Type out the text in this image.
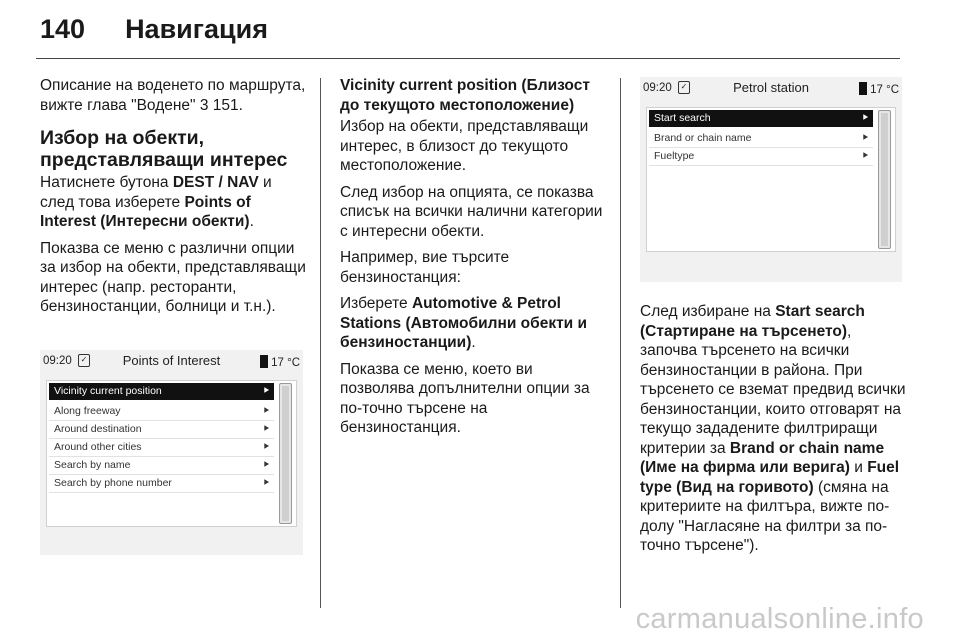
140 Навигация

Описание на воденето по маршрута, вижте глава "Водене" 3 151.

Избор на обекти, представляващи интерес

Натиснете бутона DEST / NAV и след това изберете Points of Interest (Интересни обекти).

Показва се меню с различни опции за избор на обекти, представляващи интерес (напр. ресторанти, бензиностанции, болници и т.н.).

09:20	✓	Points of Interest	17 °C
Vicinity current position	⯈
Along freeway	⯈
Around destination	⯈
Around other cities	⯈
Search by name	⯈
Search by phone number	⯈
Vicinity current position (Близост до текущото местоположение)

Избор на обекти, представляващи интерес, в близост до текущото местоположение.

След избор на опцията, се показва списък на всички налични категории с интересни обекти.

Например, вие търсите бензиностанция:

Изберете Automotive & Petrol Stations (Автомобилни обекти и бензиностанции).

Показва се меню, което ви позволява допълнителни опции за по-точно търсене на бензиностанция.

09:20	✓	Petrol station	17 °C
Start search	⯈
Brand or chain name	⯈
Fueltype	⯈

След избиране на Start search (Стартиране на търсенето), започва търсенето на всички бензиностанции в района. При търсенето се вземат предвид всички бензиностанции, които отговарят на текущо зададените филтриращи критерии за Brand or chain name (Име на фирма или верига) и Fuel type (Вид на горивото) (смяна на критериите на филтъра, вижте по-долу "Нагласяне на филтри за по-точно търсене").

carmanualsonline.info
